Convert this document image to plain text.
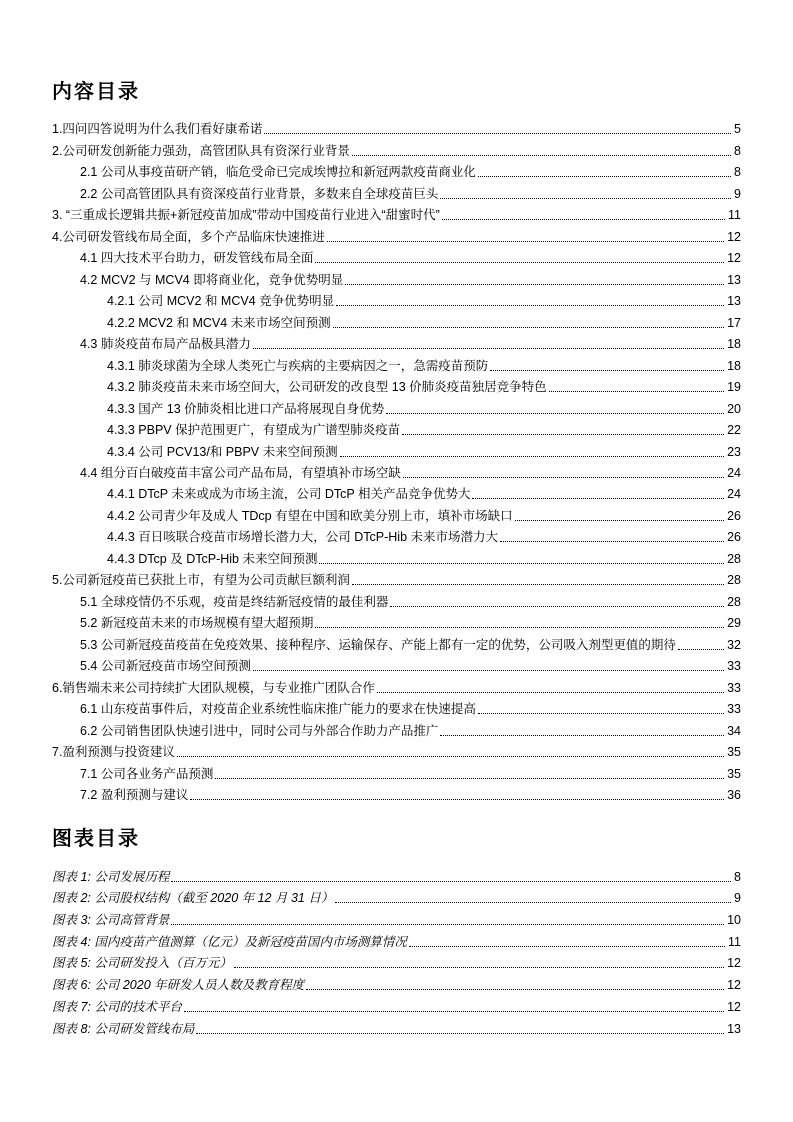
内容目录
1.四问四答说明为什么我们看好康希诺	5
2.公司研发创新能力强劲，高管团队具有资深行业背景	8
2.1 公司从事疫苗研产销，临危受命已完成埃博拉和新冠两款疫苗商业化	8
2.2 公司高管团队具有资深疫苗行业背景，多数来自全球疫苗巨头	9
3. “三重成长逻辑共振+新冠疫苗加成”带动中国疫苗行业进入“甜蜜时代”	11
4.公司研发管线布局全面，多个产品临床快速推进	12
4.1 四大技术平台助力，研发管线布局全面	12
4.2 MCV2 与 MCV4 即将商业化，竞争优势明显	13
4.2.1 公司 MCV2 和 MCV4 竞争优势明显	13
4.2.2 MCV2 和 MCV4 未来市场空间预测	17
4.3 肺炎疫苗布局产品极具潜力	18
4.3.1 肺炎球菌为全球人类死亡与疾病的主要病因之一，急需疫苗预防	18
4.3.2 肺炎疫苗未来市场空间大，公司研发的改良型 13 价肺炎疫苗独居竞争特色	19
4.3.3 国产 13 价肺炎相比进口产品将展现自身优势	20
4.3.3 PBPV 保护范围更广，有望成为广谱型肺炎疫苗	22
4.3.4 公司 PCV13/和 PBPV 未来空间预测	23
4.4 组分百白破疫苗丰富公司产品布局，有望填补市场空缺	24
4.4.1 DTcP 未来或成为市场主流，公司 DTcP 相关产品竞争优势大	24
4.4.2 公司青少年及成人 TDcp 有望在中国和欧美分别上市，填补市场缺口	26
4.4.3 百日咳联合疫苗市场增长潜力大，公司 DTcP-Hib 未来市场潜力大	26
4.4.3 DTcp 及 DTcP-Hib 未来空间预测	28
5.公司新冠疫苗已获批上市，有望为公司贡献巨额利润	28
5.1 全球疫情仍不乐观，疫苗是终结新冠疫情的最佳利器	28
5.2 新冠疫苗未来的市场规模有望大超预期	29
5.3 公司新冠疫苗疫苗在免疫效果、接种程序、运输保存、产能上都有一定的优势，公司吸入剂型更值的期待	32
5.4 公司新冠疫苗市场空间预测	33
6.销售端未来公司持续扩大团队规模，与专业推广团队合作	33
6.1 山东疫苗事件后，对疫苗企业系统性临床推广能力的要求在快速提高	33
6.2 公司销售团队快速引进中，同时公司与外部合作助力产品推广	34
7.盈利预测与投资建议	35
7.1 公司各业务产品预测	35
7.2 盈利预测与建议	36
图表目录
图表 1: 公司发展历程	8
图表 2: 公司股权结构（截至 2020 年 12 月 31 日）	9
图表 3: 公司高管背景	10
图表 4: 国内疫苗产值测算（亿元）及新冠疫苗国内市场测算情况	11
图表 5: 公司研发投入（百万元）	12
图表 6: 公司 2020 年研发人员人数及教育程度	12
图表 7: 公司的技术平台	12
图表 8: 公司研发管线布局	13
